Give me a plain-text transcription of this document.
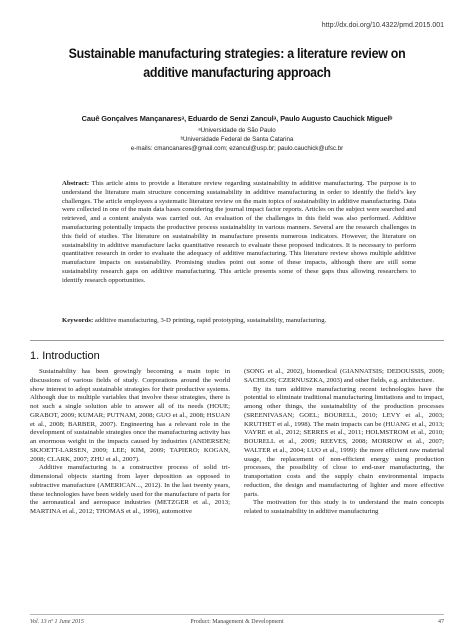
http://dx.doi.org/10.4322/pmd.2015.001
Sustainable manufacturing strategies: a literature review on additive manufacturing approach
Cauê Gonçalves Mançanaresᵃ, Eduardo de Senzi Zanculᵃ, Paulo Augusto Cauchick Miguelᵇ
ᵃUniversidade de São Paulo
ᵇUniversidade Federal de Santa Catarina
e-mails: cmancanares@gmail.com; ezancul@usp.br; paulo.cauchick@ufsc.br

Abstract: This article aims to provide a literature review regarding sustainability in additive manufacturing. The purpose is to understand the literature main structure concerning sustainability in additive manufacturing in order to identify the field’s key challenges. The article employees a systematic literature review on the main topics of sustainability in additive manufacturing. Data were collected in one of the main data bases considering the journal impact factor reports. Articles on the subject were searched and retrieved, and a content analysis was carried out. An evaluation of the challenges in this field was also performed. Additive manufacturing potentially impacts the productive process sustainability in various manners. Several are the research challenges in this field of studies. The literature on sustainability in manufacture presents numerous indicators. However, the literature on sustainability in additive manufacture lacks quantitative research to evaluate these proposed indicators. It is necessary to perform quantitative research in order to evaluate the adequacy of additive manufacturing. This literature review shows multiple additive manufacture impacts on sustainability. Promising studies point out some of these impacts, although there are still some sustainability research gaps on additive manufacturing. This article presents some of these gaps thus allowing researchers to identify research opportunities.

Keywords: additive manufacturing, 3-D printing, rapid prototyping, sustainability, manufacturing.

1. Introduction

Sustainability has been growingly becoming a main topic in discussions of various fields of study. Corporations around the world show interest to adopt sustainable strategies for their productive systems. Although due to multiple variables that involve these strategies, there is not such a single solution able to answer all of its needs (HOUE; GRABOT, 2009; KUMAR; PUTNAM, 2008; GUO et al., 2008; HSUAN et al., 2008; BARBER, 2007). Engineering has a relevant role in the development of sustainable strategies once the manufacturing activity has an enormous weight in the impacts caused by industries (ANDERSEN; SKJOETT-LARSEN, 2009; LEE; KIM, 2009; TAPIERO; KOGAN, 2008; CLARK, 2007; ZHU et al., 2007).

Additive manufacturing is a constructive process of solid tri-dimensional objects starting from layer deposition as opposed to subtractive manufacture (AMERICAN..., 2012). In the last twenty years, these technologies have been widely used for the manufacture of parts for the aeronautical and aerospace industries (METZGER et al., 2013; MARTINA et al., 2012; THOMAS et al., 1996), automotive

(SONG et al., 2002), biomedical (GIANNATSIS; DEDOUSSIS, 2009; SACHLOS; CZERNUSZKA, 2003) and other fields, e.g. architecture.

By its turn additive manufacturing recent technologies have the potential to eliminate traditional manufacturing limitations and to impact, among other things, the sustainability of the production processes (SREENIVASAN; GOEL; BOURELL, 2010; LEVY et al., 2003; KRUTHET et al., 1998). The main impacts can be (HUANG et al., 2013; VAYRE et al., 2012; SERRES et al., 2011; HOLMSTROM et al., 2010; BOURELL et al., 2009; REEVES, 2008; MORROW et al., 2007; WALTER et al., 2004; LUO et al., 1999): the more efficient raw material usage, the replacement of non-efficient energy using production processes, the possibility of close to end-user manufacturing, the transportation costs and the supply chain environmental impacts reduction, the design and manufacturing of lighter and more effective parts.

The motivation for this study is to understand the main concepts related to sustainability in additive manufacturing

Vol. 13 nº 1 June 2015	Product: Management & Development	47
